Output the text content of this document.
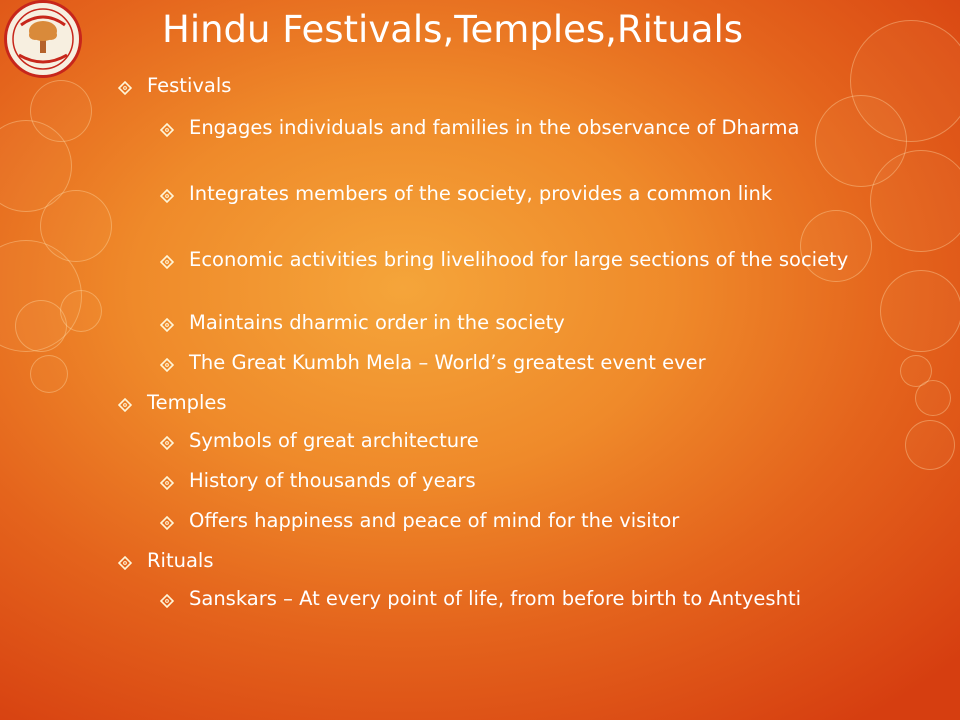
Hindu Festivals,Temples,Rituals
Festivals
Engages individuals and families in the observance of Dharma
Integrates members of the society, provides a common link
Economic activities bring livelihood for large sections of the society
Maintains dharmic order in the society
The Great Kumbh Mela – World’s greatest event ever
Temples
Symbols of great architecture
History of thousands of years
Offers happiness and peace of mind for the visitor
Rituals
Sanskars – At every point of life, from before birth to Antyeshti
